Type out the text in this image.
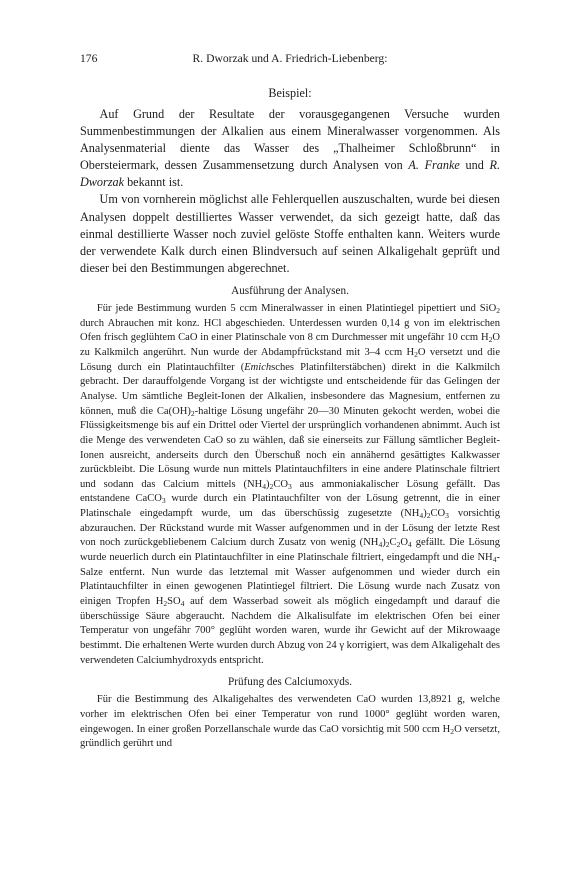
176	R. Dworzak und A. Friedrich-Liebenberg:
Beispiel:

Auf Grund der Resultate der vorausgegangenen Versuche wurden Summenbestimmungen der Alkalien aus einem Mineralwasser vorgenommen. Als Analysenmaterial diente das Wasser des „Thalheimer Schloßbrunn“ in Obersteiermark, dessen Zusammensetzung durch Analysen von A. Franke und R. Dworzak bekannt ist.

Um von vornherein möglichst alle Fehlerquellen auszuschalten, wurde bei diesen Analysen doppelt destilliertes Wasser verwendet, da sich gezeigt hatte, daß das einmal destillierte Wasser noch zuviel gelöste Stoffe enthalten kann. Weiters wurde der verwendete Kalk durch einen Blindversuch auf seinen Alkaligehalt geprüft und dieser bei den Bestimmungen abgerechnet.

Ausführung der Analysen.

Für jede Bestimmung wurden 5 ccm Mineralwasser in einen Platintiegel pipettiert und SiO$_2$ durch Abrauchen mit konz. HCl abgeschieden. Unterdessen wurden 0,14 g von im elektrischen Ofen frisch geglühtem CaO in einer Platinschale von 8 cm Durchmesser mit ungefähr 10 ccm $H_2O$ zu Kalkmilch angerührt. Nun wurde der Abdampfrückstand mit 3–4 ccm $H_2O$ versetzt und die Lösung durch ein Platintauchfilter (Emichsches Platinfilterstäbchen) direkt in die Kalkmilch gebracht. Der darauffolgende Vorgang ist der wichtigste und entscheidende für das Gelingen der Analyse. Um sämtliche Begleit-Ionen der Alkalien, insbesondere das Magnesium, entfernen zu können, muß die $Ca(OH)_2$-haltige Lösung ungefähr 20—30 Minuten gekocht werden, wobei die Flüssigkeitsmenge bis auf ein Drittel oder Viertel der ursprünglich vorhandenen abnimmt. Auch ist die Menge des verwendeten CaO so zu wählen, daß sie einerseits zur Fällung sämtlicher Begleit-Ionen ausreicht, anderseits durch den Überschuß noch ein annähernd gesättigtes Kalkwasser zurückbleibt. Die Lösung wurde nun mittels Platintauchfilters in eine andere Platinschale filtriert und sodann das Calcium mittels $(NH_4)_2CO_3$ aus ammoniakalischer Lösung gefällt. Das entstandene CaCO$_3$ wurde durch ein Platintauchfilter von der Lösung getrennt, die in einer Platinschale eingedampft wurde, um das überschüssig zugesetzte $(NH_4)_2CO_3$ vorsichtig abzurauchen. Der Rückstand wurde mit Wasser aufgenommen und in der Lösung der letzte Rest von noch zurückgebliebenem Calcium durch Zusatz von wenig $(NH_4)_2C_2O_4$ gefällt. Die Lösung wurde neuerlich durch ein Platintauchfilter in eine Platinschale filtriert, eingedampft und die $NH_4$-Salze entfernt. Nun wurde das letztemal mit Wasser aufgenommen und wieder durch ein Platintauchfilter in einen gewogenen Platintiegel filtriert. Die Lösung wurde nach Zusatz von einigen Tropfen $H_2SO_4$ auf dem Wasserbad soweit als möglich eingedampft und darauf die überschüssige Säure abgeraucht. Nachdem die Alkalisulfate im elektrischen Ofen bei einer Temperatur von ungefähr 700° geglüht worden waren, wurde ihr Gewicht auf der Mikrowaage bestimmt. Die erhaltenen Werte wurden durch Abzug von 24 γ korrigiert, was dem Alkaligehalt des verwendeten Calciumhydroxyds entspricht.

Prüfung des Calciumoxyds.

Für die Bestimmung des Alkaligehaltes des verwendeten CaO wurden 13,8921 g, welche vorher im elektrischen Ofen bei einer Temperatur von rund 1000° geglüht worden waren, eingewogen. In einer großen Porzellanschale wurde das CaO vorsichtig mit 500 ccm $H_2O$ versetzt, gründlich gerührt und
